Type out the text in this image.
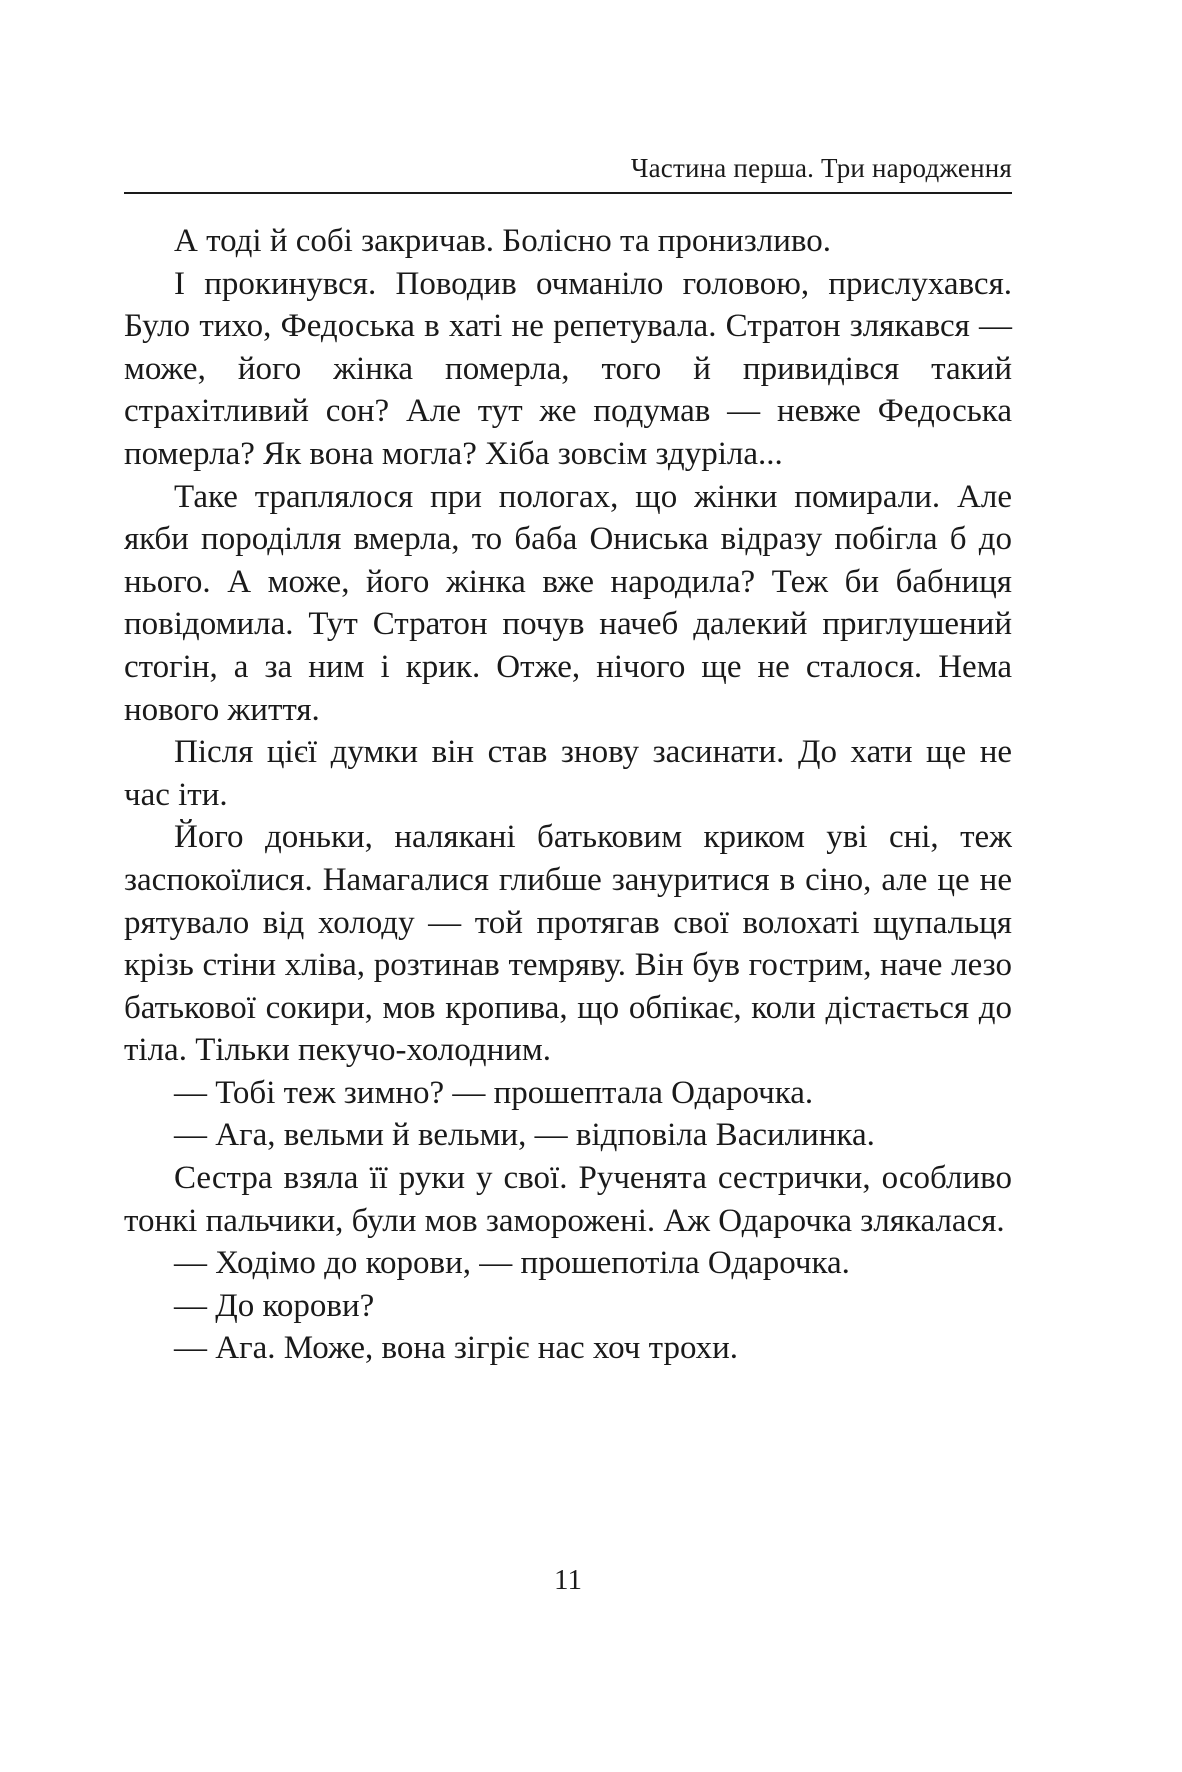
Частина перша. Три народження

А тоді й собі закричав. Болісно та пронизливо.

І прокинувся. Поводив очманіло головою, прислухався. Було тихо, Федоська в хаті не репетувала. Стратон злякався — може, його жінка померла, того й привидівся такий страхітливий сон? Але тут же подумав — невже Федоська померла? Як вона могла? Хіба зовсім здуріла...

Таке траплялося при пологах, що жінки помирали. Але якби породілля вмерла, то баба Ониська відразу побігла б до нього. А може, його жінка вже народила? Теж би бабниця повідомила. Тут Стратон почув начеб далекий приглушений стогін, а за ним і крик. Отже, нічого ще не сталося. Нема нового життя.

Після цієї думки він став знову засинати. До хати ще не час іти.

Його доньки, налякані батьковим криком уві сні, теж заспокоїлися. Намагалися глибше зануритися в сіно, але це не рятувало від холоду — той протягав свої волохаті щупальця крізь стіни хліва, розтинав темряву. Він був гострим, наче лезо батькової сокири, мов кропива, що обпікає, коли дістається до тіла. Тільки пекучо-холодним.

— Тобі теж зимно? — прошептала Одарочка.

— Ага, вельми й вельми, — відповіла Василинка.

Сестра взяла її руки у свої. Рученята сестрички, особливо тонкі пальчики, були мов заморожені. Аж Одарочка злякалася.

— Ходімо до корови, — прошепотіла Одарочка.

— До корови?

— Ага. Може, вона зігріє нас хоч трохи.

11
